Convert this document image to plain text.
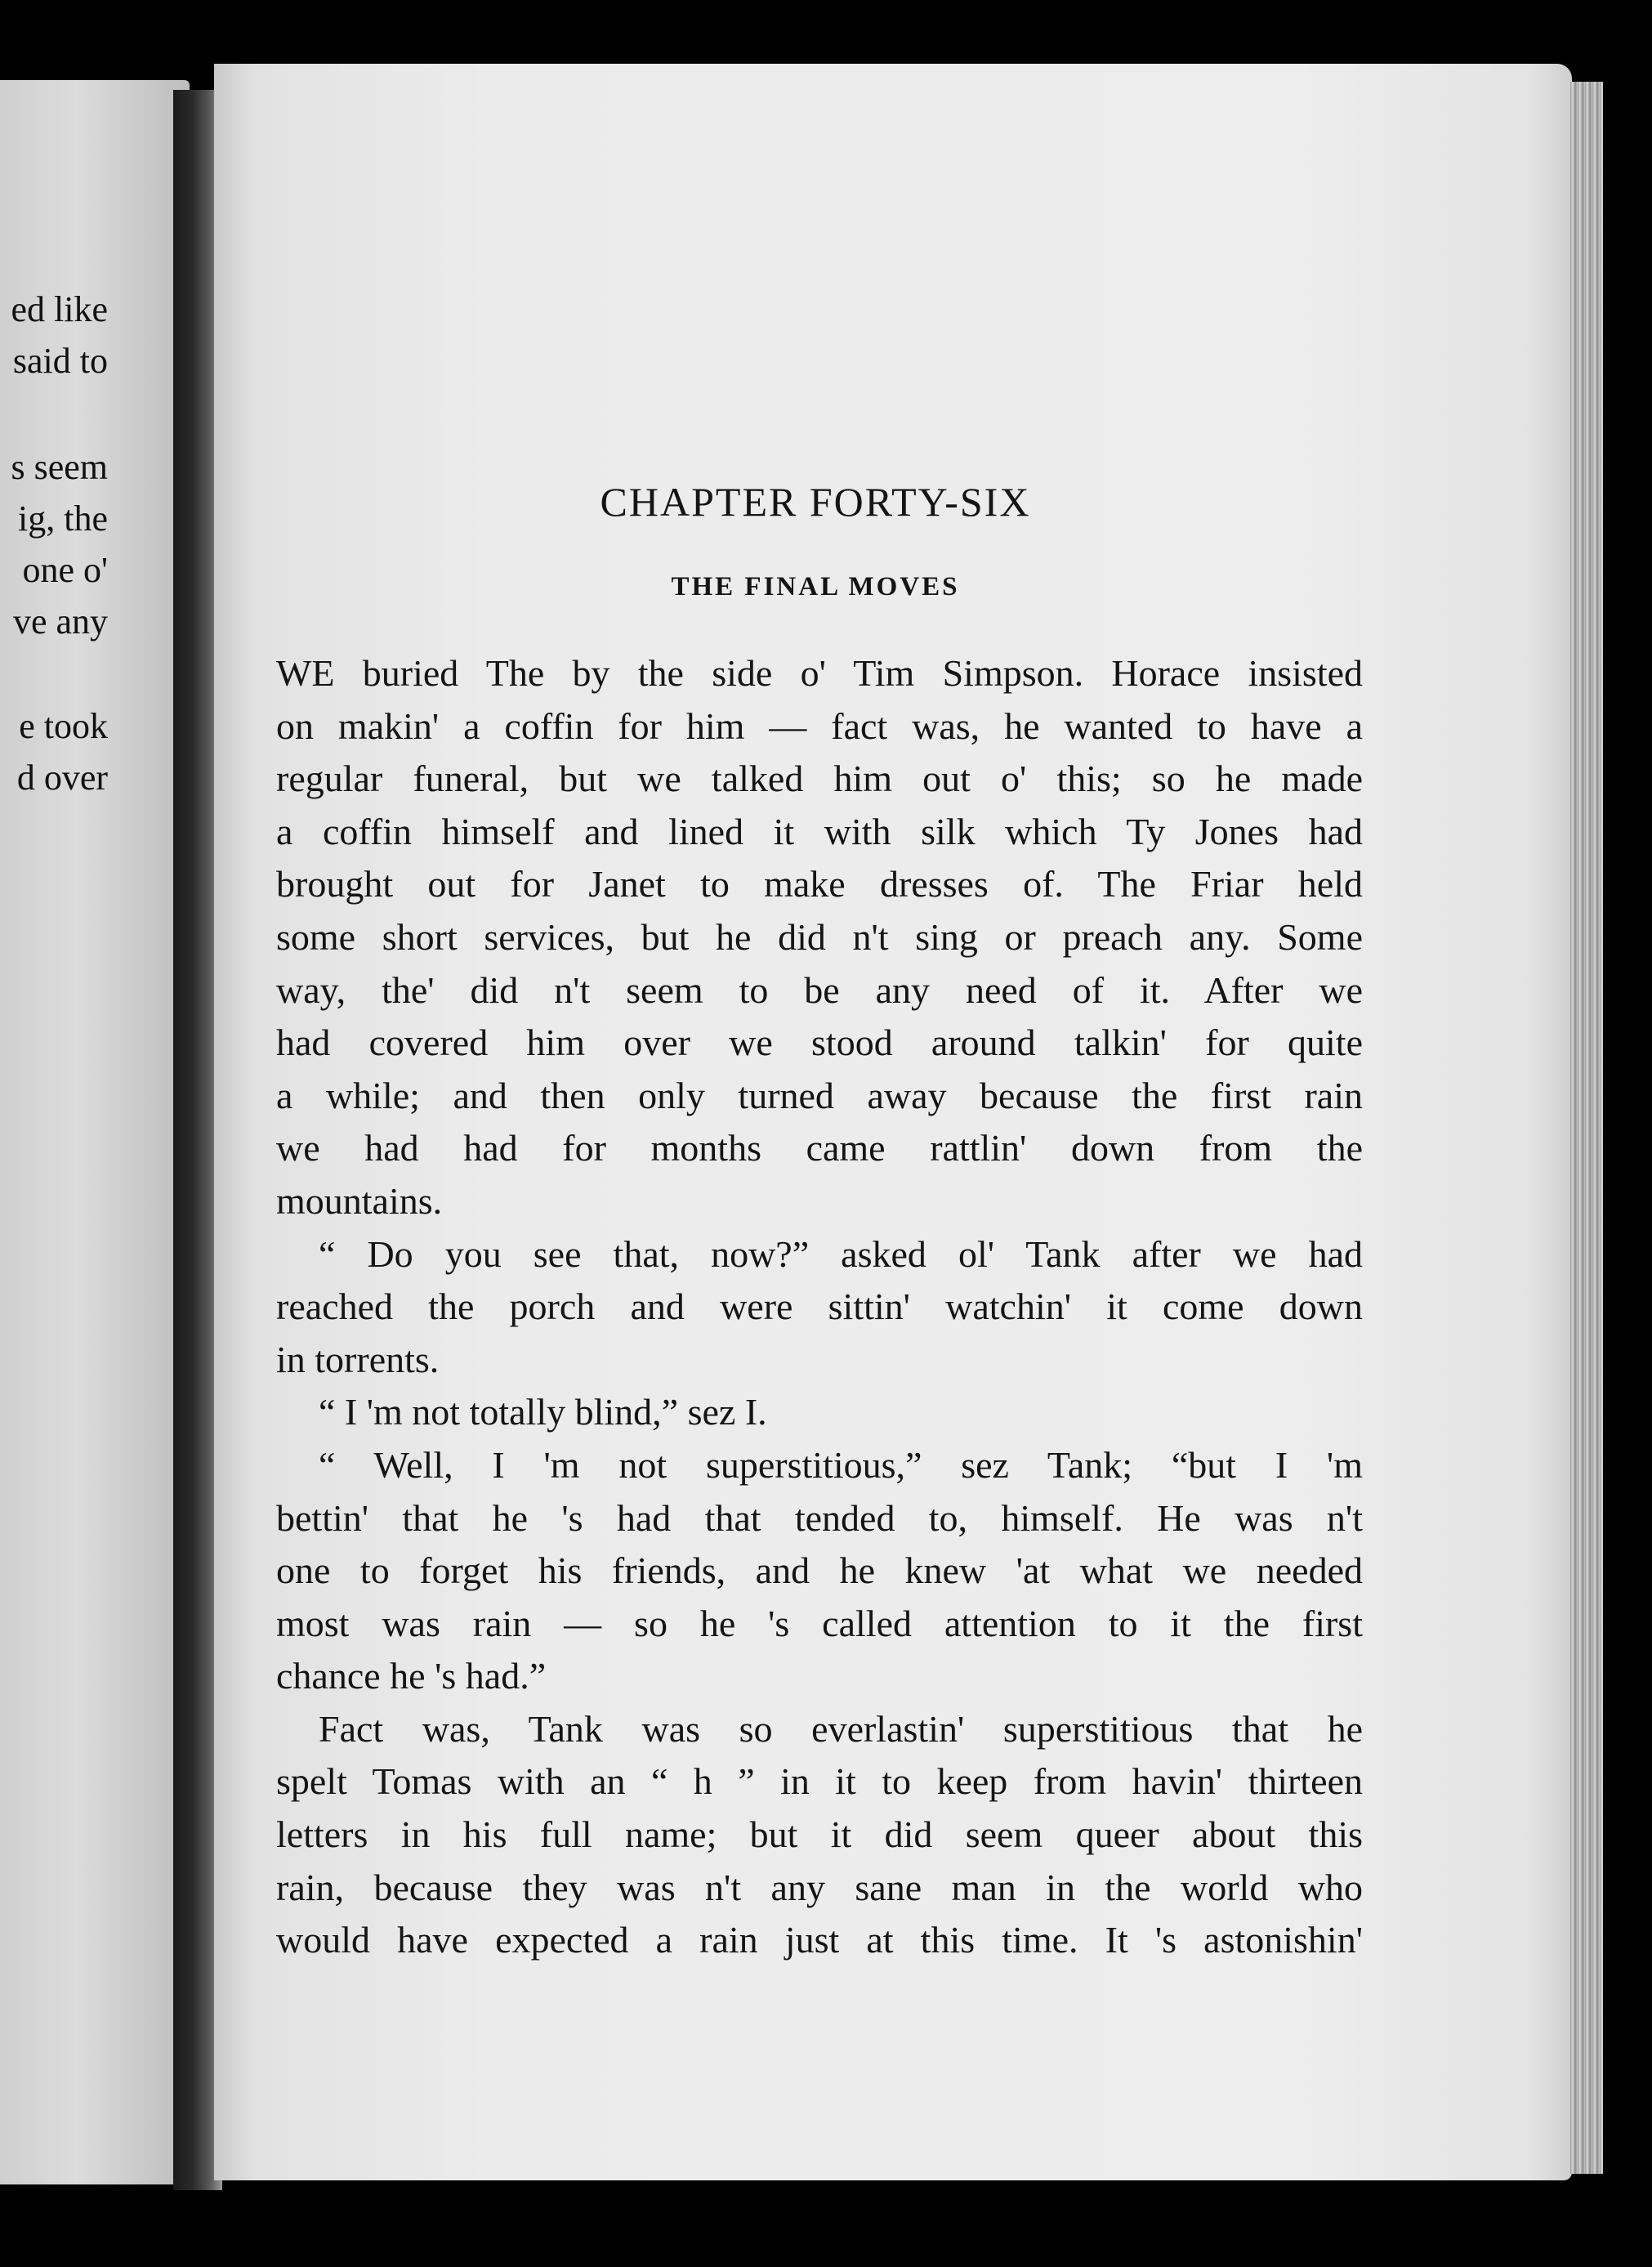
ed like
said to
s seem
ig, the
one o'
ve any
e took
d over
CHAPTER FORTY-SIX
THE FINAL MOVES
WE buried The by the side o' Tim Simpson. Horace insisted
on makin' a coffin for him — fact was, he wanted to have a
regular funeral, but we talked him out o' this; so he made
a coffin himself and lined it with silk which Ty Jones had
brought out for Janet to make dresses of. The Friar held
some short services, but he did n't sing or preach any. Some
way, the' did n't seem to be any need of it. After we
had covered him over we stood around talkin' for quite
a while; and then only turned away because the first rain
we had had for months came rattlin' down from the
mountains.
“ Do you see that, now?” asked ol' Tank after we had
reached the porch and were sittin' watchin' it come down
in torrents.
“ I 'm not totally blind,” sez I.
“ Well, I 'm not superstitious,” sez Tank; “but I 'm
bettin' that he 's had that tended to, himself. He was n't
one to forget his friends, and he knew 'at what we needed
most was rain — so he 's called attention to it the first
chance he 's had.”
Fact was, Tank was so everlastin' superstitious that he
spelt Tomas with an “ h ” in it to keep from havin' thirteen
letters in his full name; but it did seem queer about this
rain, because they was n't any sane man in the world who
would have expected a rain just at this time. It 's astonishin'
